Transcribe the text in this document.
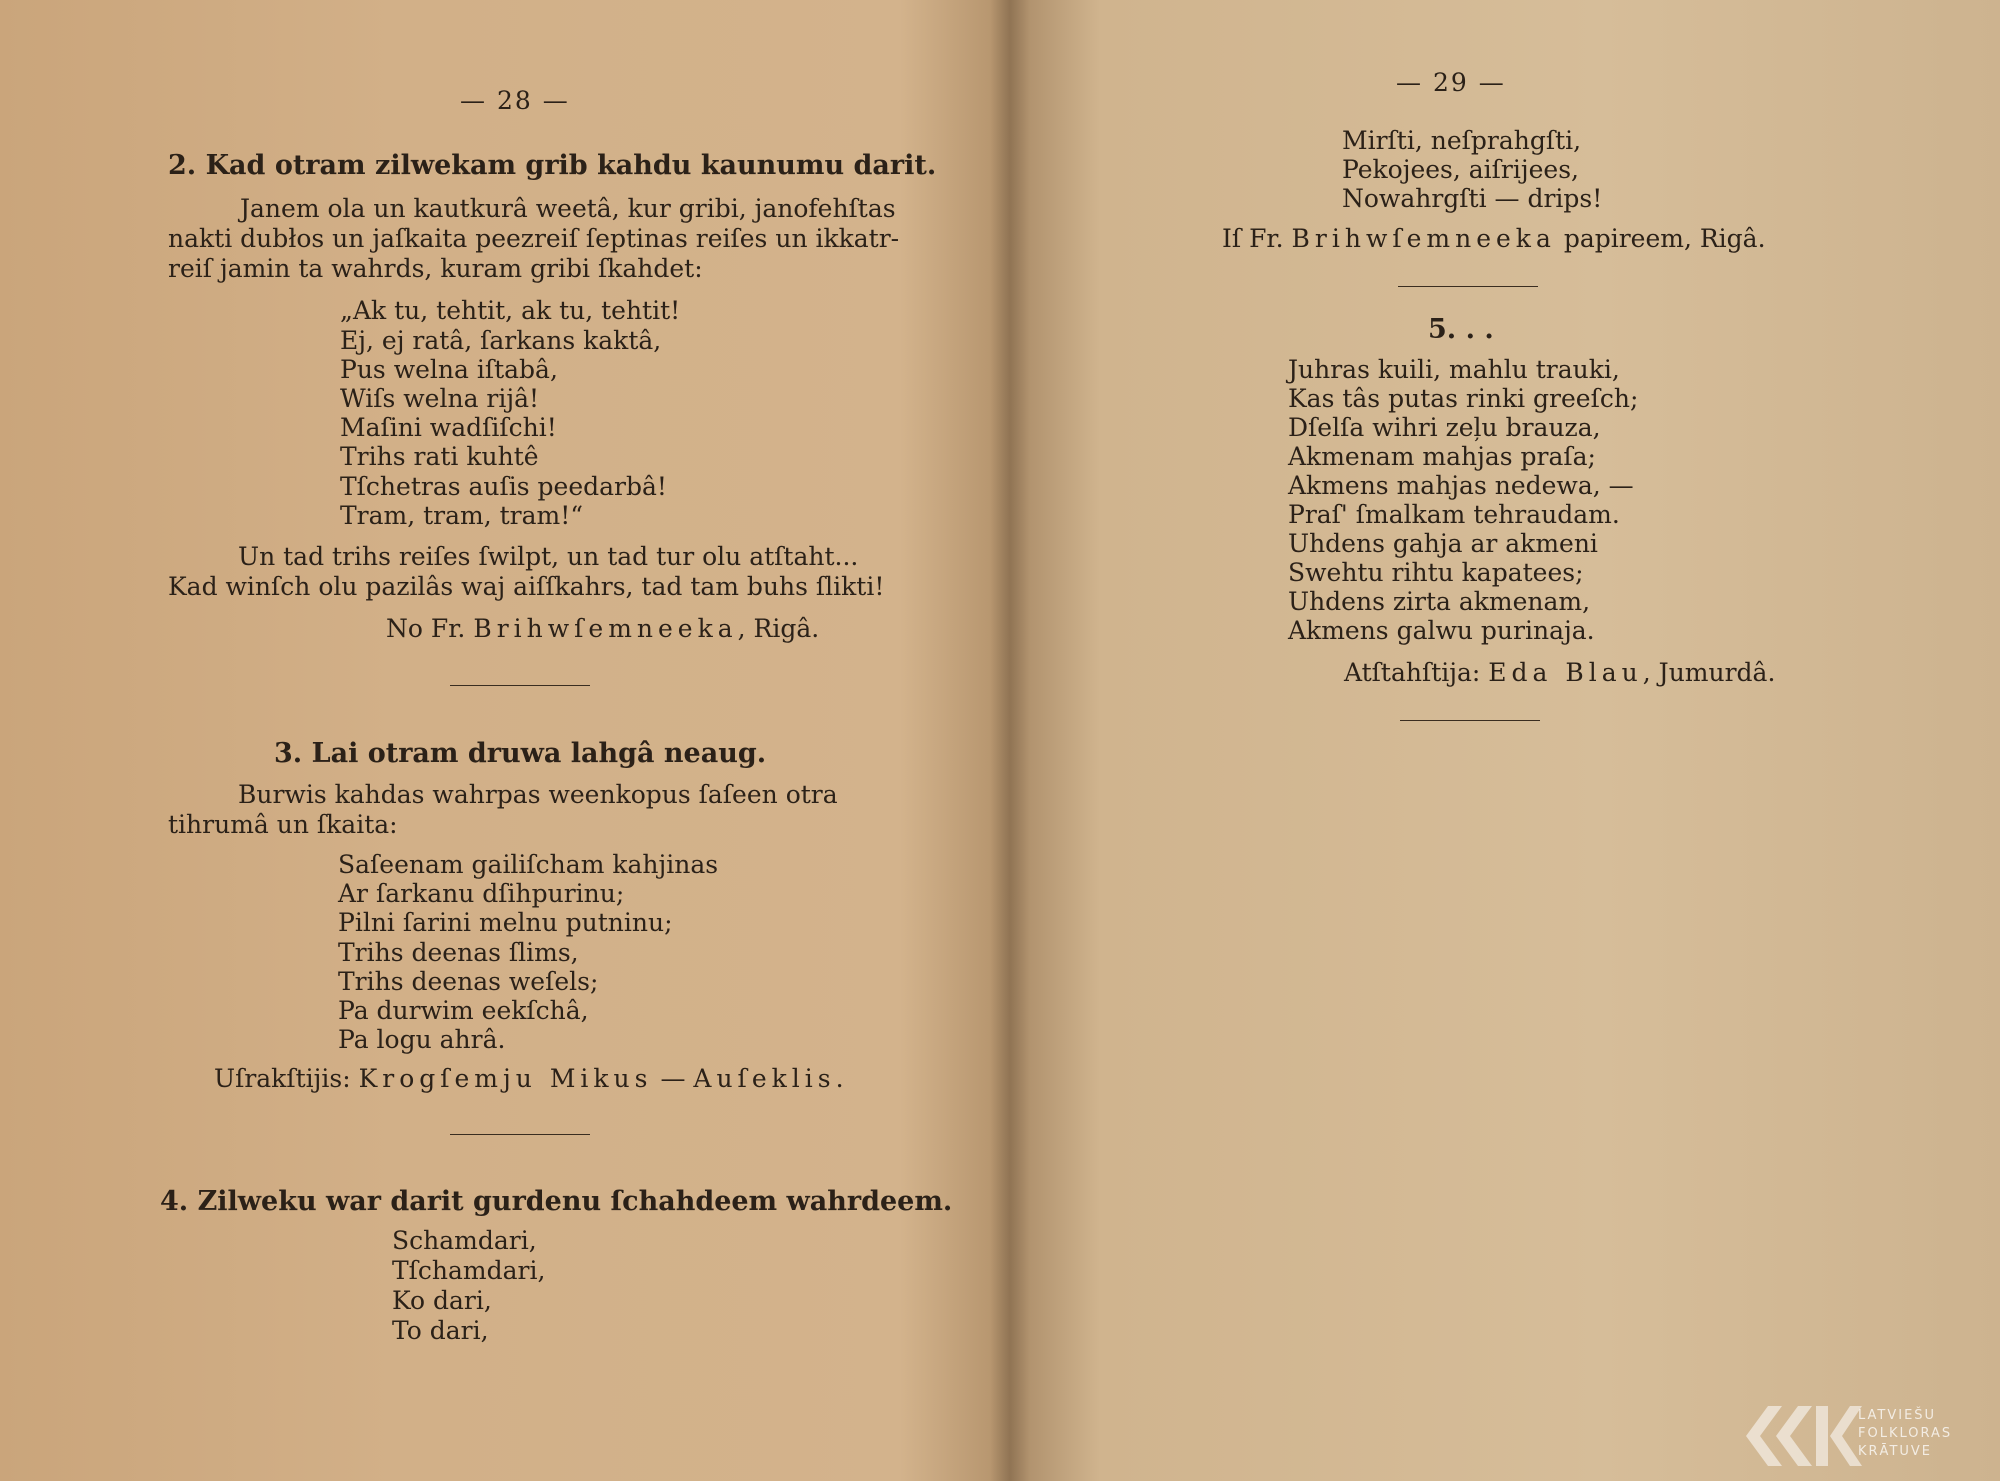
— 28 —
2. Kad otram zilwekam grib kahdu kaunumu darit.
Janem ola un kautkurâ weetâ, kur gribi, janofehſtas
nakti dubłos un jaſkaita peezreiſ ſeptinas reiſes un ikkatr-
reiſ jamin ta wahrds, kuram gribi ſkahdet:
„Ak tu, tehtit, ak tu, tehtit!
Ej, ej ratâ, ſarkans kaktâ,
Pus welna iſtabâ,
Wiſs welna rijâ!
Maſini wadſiſchi!
Trihs rati kuhtê
Tſchetras auſis peedarbâ!
Tram, tram, tram!“
Un tad trihs reiſes ſwilpt, un tad tur olu atſtaht...
Kad winſch olu pazilâs waj aiſſkahrs, tad tam buhs ſlikti!
No Fr. Brihwſemneeka, Rigâ.
3. Lai otram druwa lahgâ neaug.
Burwis kahdas wahrpas weenkopus ſaſeen otra
tihrumâ un ſkaita:
Saſeenam gailiſcham kahjinas
Ar ſarkanu dſihpurinu;
Pilni ſarini melnu putninu;
Trihs deenas ſlims,
Trihs deenas weſels;
Pa durwim eekſchâ,
Pa logu ahrâ.
Uſrakſtijis: Krogſemju Mikus — Auſeklis.
4. Zilweku war darit gurdenu ſchahdeem wahrdeem.
Schamdari,
Tſchamdari,
Ko dari,
To dari,
— 29 —
Mirſti, neſprahgſti,
Pekojees, aiſrijees,
Nowahrgſti — drips!
Iſ Fr. Brihwſemneeka papireem, Rigâ.
5. . .
Juhras kuili, mahlu trauki,
Kas tâs putas rinki greeſch;
Dſelſa wihri zeļu brauza,
Akmenam mahjas praſa;
Akmens mahjas nedewa, —
Praſ' ſmalkam tehraudam.
Uhdens gahja ar akmeni
Swehtu rihtu kapatees;
Uhdens zirta akmenam,
Akmens galwu purinaja.
Atſtahſtija: Eda Blau, Jumurdâ.
LATVIEŠU
FOLKLORAS
KRĀTUVE
